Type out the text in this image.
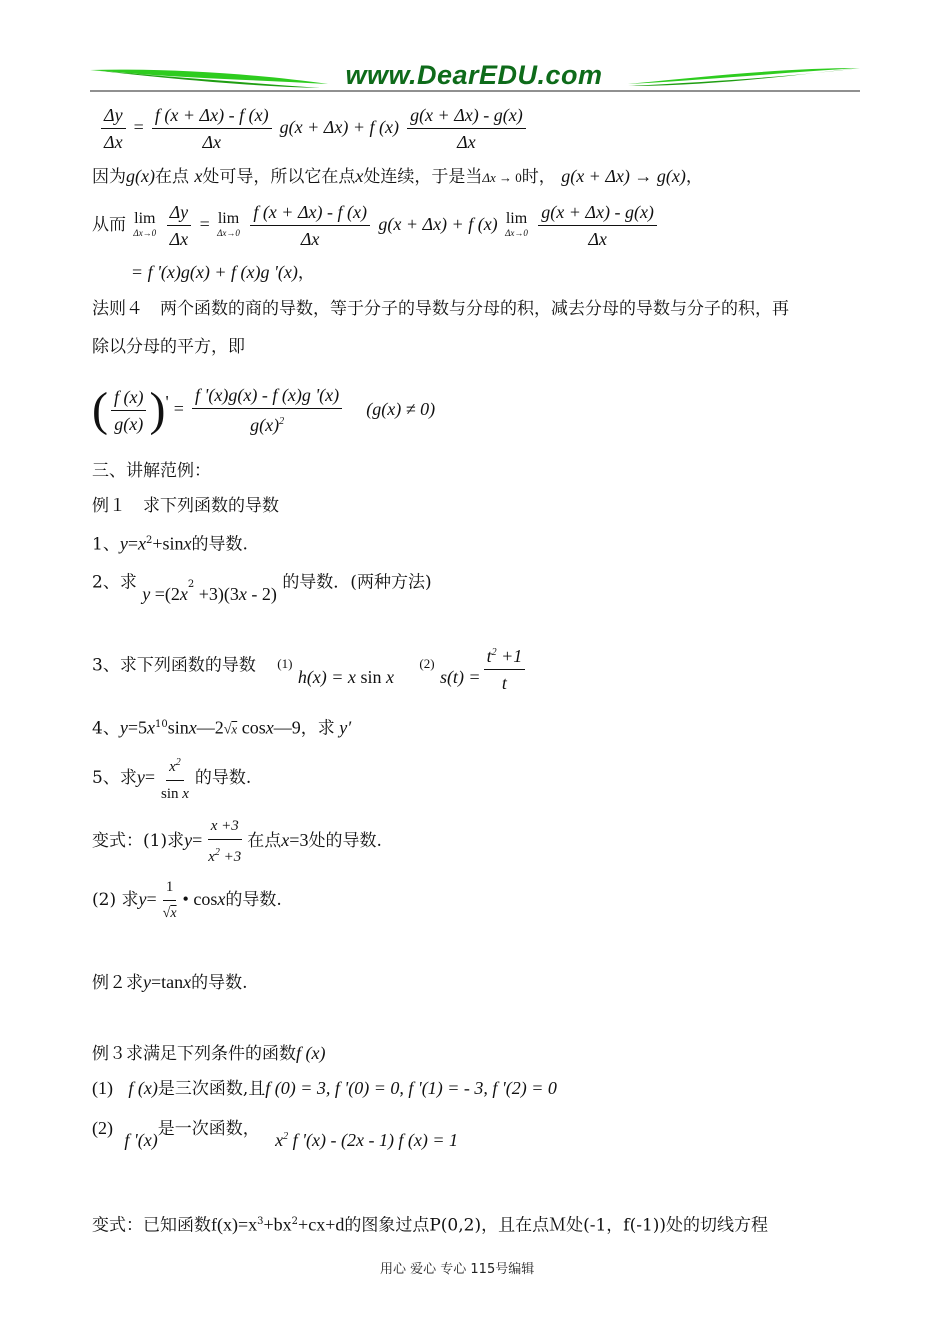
www.DearEDU.com
$\frac{\Delta y}{\Delta x} = \frac{f (x + \Delta x) - f (x)}{\Delta x} g(x + \Delta x) + f$ $(x) \frac{g(x + \Delta x) - g(x)}{\Delta x}$
因为g(x)在点 x处可导，所以它在点x处连续，于是当Δx → 0时， g(x + Δx) → g(x)，
从而 lim
Δx→0
$\frac{\Delta y}{\Delta x} = \lim$
Δx→0
$\frac{f (x + \Delta x) - f (x)}{\Delta x} g(x + \Delta x) + f$ (x) lim
Δx→0
$\frac{g(x + \Delta x) - g(x)}{\Delta x}$
= f '(x)g(x) + f (x)g '(x)，
法则４　两个函数的商的导数，等于分子的导数与分母的积，减去分母的导数与分子的积，再
除以分母的平方，即
( $\frac{f (x)}{g(x)} )' = \frac{f '(x)g(x) - f (x)g '(x)}{g(x)^2} (g(x) \ne 0)$
三、讲解范例：
例１　求下列函数的导数
1、$y=x^2+\sin x$的导数.
2、求 $y =(2x^2 +3)(3x - 2)$ 的导数．(两种方法)
3、求下列函数的导数 (1) h(x) = x sin x (2) $s(t) = \frac{t^2 +1}{t}$
4、$y=5x^{10}\sin x—2√x$ cosx—9，求 y′
5、求$y= \frac{x^2}{\text{sin x}}$ 的导数.
变式：(1)求$y= \frac{x +3}{x^2 +3}$ 在点x=3处的导数.
(2) 求$y= \frac{1}{√x}$ • cosx的导数.
例２求y=tanx的导数.
例３求满足下列条件的函数f (x)
(1) f (x)是三次函数,且f (0) = 3, f '(0) = 0, f '(1) = - 3, f '(2) = 0
(2) f '(x)是一次函数， $x^2$ f '(x) - (2x - 1) f (x) = 1
变式：已知函数$f(x)=x^3+bx^2+cx+d$的图象过点P(0,2)，且在点Ｍ处(-1，f(-1))处的切线方程
用心 爱心 专心 115号编辑
